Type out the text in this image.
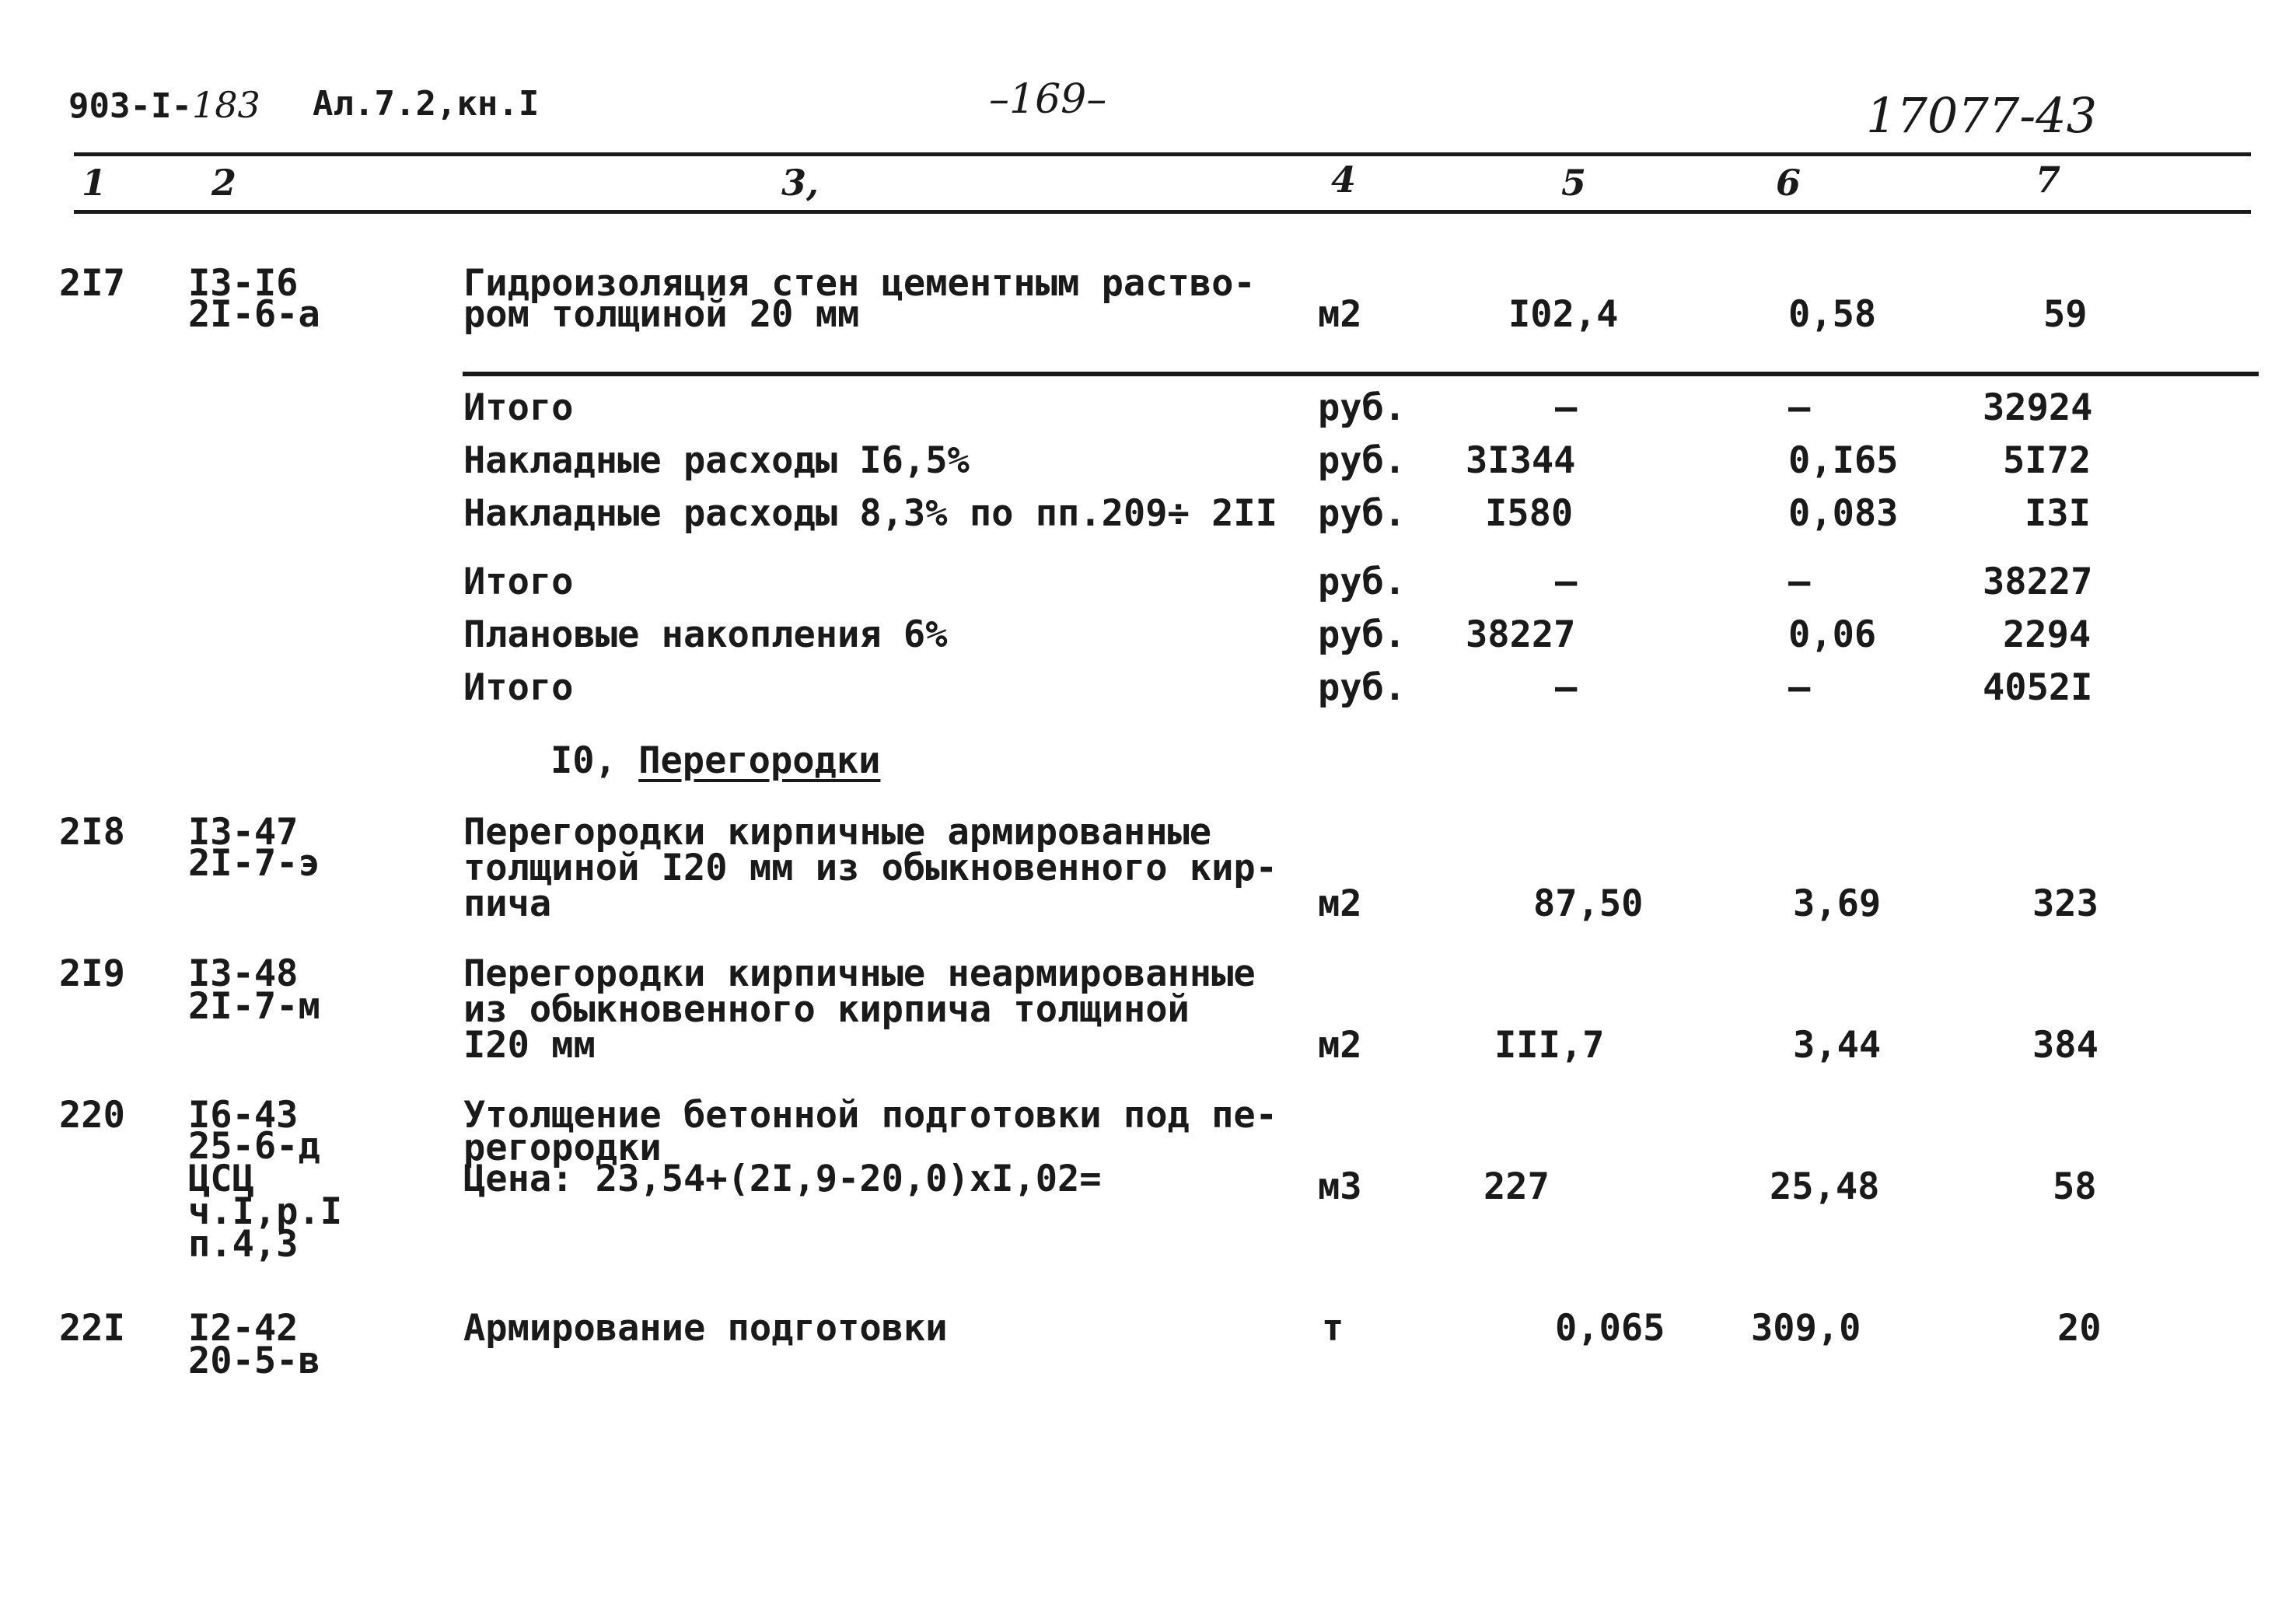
903-I-183 Ал.7.2,кн.I	–169–	17077-43
1	2	3,	4	5	6	7
2I7 I3-I6
2I-6-а
Гидроизоляция стен цементным раство-
ром толщиной 20 мм	м2	I02,4	0,58	59
Итого	руб.	–	–	32924
Накладные расходы I6,5%	руб. 3I344	0,I65	5I72
Накладные расходы 8,3% по пп.209÷ 2II руб. I580	0,083	I3I
Итого	руб.	–	–	38227
Плановые накопления 6%	руб. 38227	0,06	2294
Итого	руб.	–	–	4052I
I0, Перегородки
2I8 I3-47
2I-7-э
Перегородки кирпичные армированные
толщиной I20 мм из обыкновенного кир-
пича	м2	87,50	3,69	323
2I9 I3-48
2I-7-м
Перегородки кирпичные неармированные
из обыкновенного кирпича толщиной
I20 мм	м2	III,7	3,44	384
220 I6-43
25-6-д
ЦСЦ
ч.I,р.I
п.4,3
Утолщение бетонной подготовки под пе-
регородки
Цена: 23,54+(2I,9-20,0)хI,02=	м3	227	25,48	58
22I I2-42
20-5-в
Армирование подготовки	т	0,065 309,0	20
